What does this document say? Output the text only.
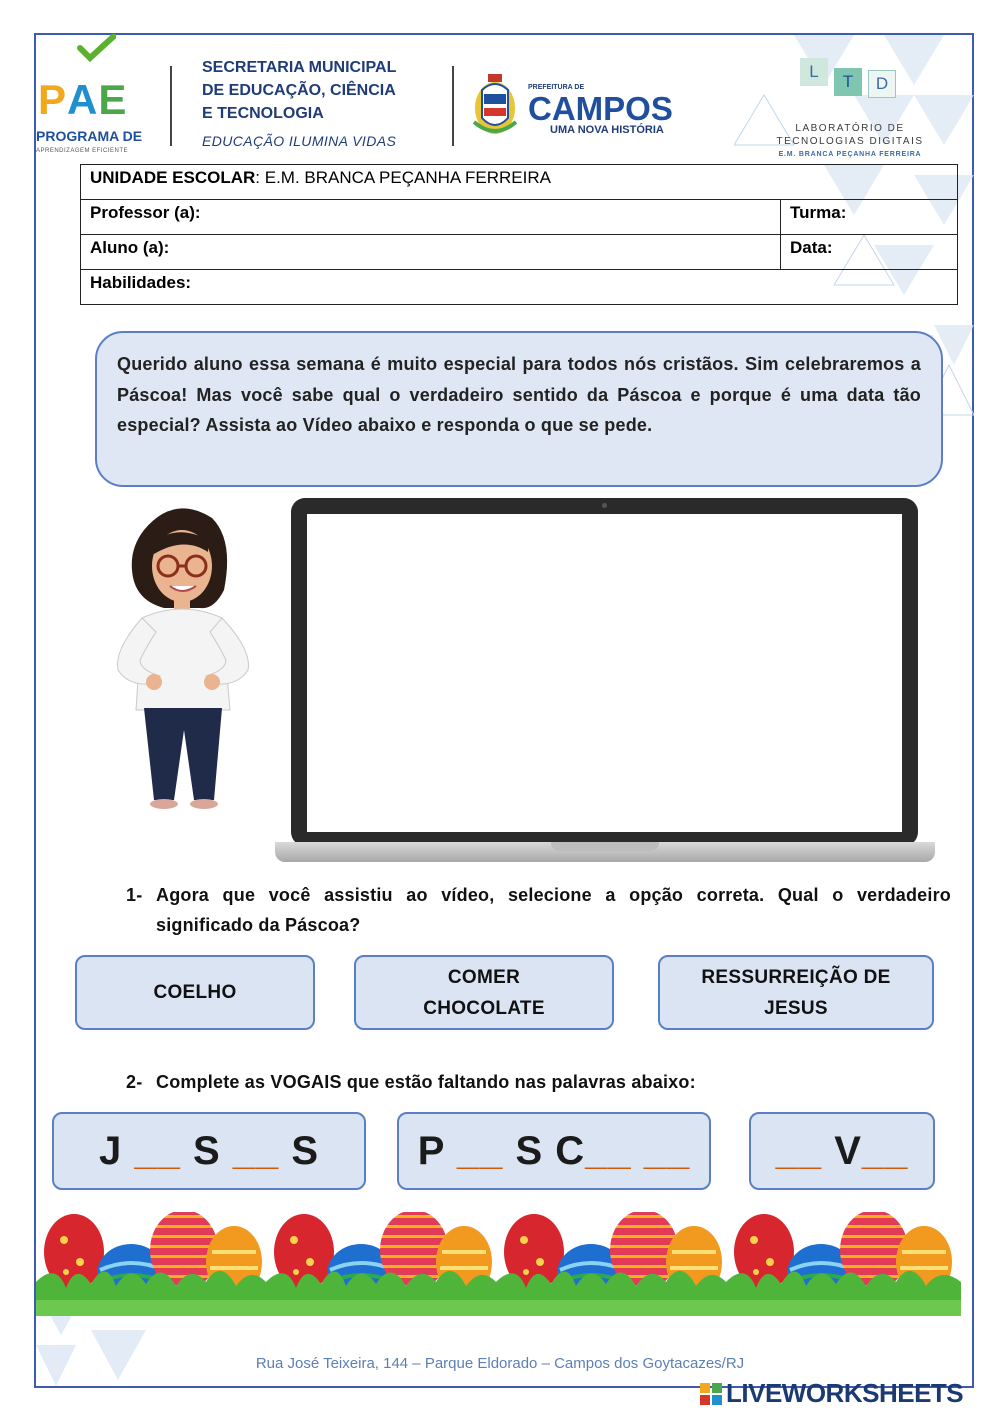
PAE
PROGRAMA DE
APRENDIZAGEM EFICIENTE
SECRETARIA MUNICIPAL
DE EDUCAÇÃO, CIÊNCIA
E TECNOLOGIA
EDUCAÇÃO ILUMINA VIDAS
PREFEITURA DE
CAMPOS
UMA NOVA HISTÓRIA
L
T	D
LABORATÓRIO DE
TECNOLOGIAS DIGITAIS
E.M. BRANCA PEÇANHA FERREIRA
UNIDADE ESCOLAR: E.M. BRANCA PEÇANHA FERREIRA	
Professor (a):	Turma:
Aluno (a):	Data:
Habilidades:	

Querido aluno essa semana é muito especial para todos nós cristãos. Sim celebraremos a Páscoa! Mas você sabe qual o verdadeiro sentido da Páscoa e porque é uma data tão especial? Assista ao Vídeo abaixo e responda o que se pede.

1- Agora que você assistiu ao vídeo, selecione a opção correta. Qual o verdadeiro significado da Páscoa?
COELHO
COMER
CHOCOLATE
RESSURREIÇÃO DE
JESUS
2- Complete as VOGAIS que estão faltando nas palavras abaixo:
J __ S __ S P __ S C __
__ __ V __
Rua José Teixeira, 144 – Parque Eldorado – Campos dos Goytacazes/RJ
LIVEWORKSHEETS
